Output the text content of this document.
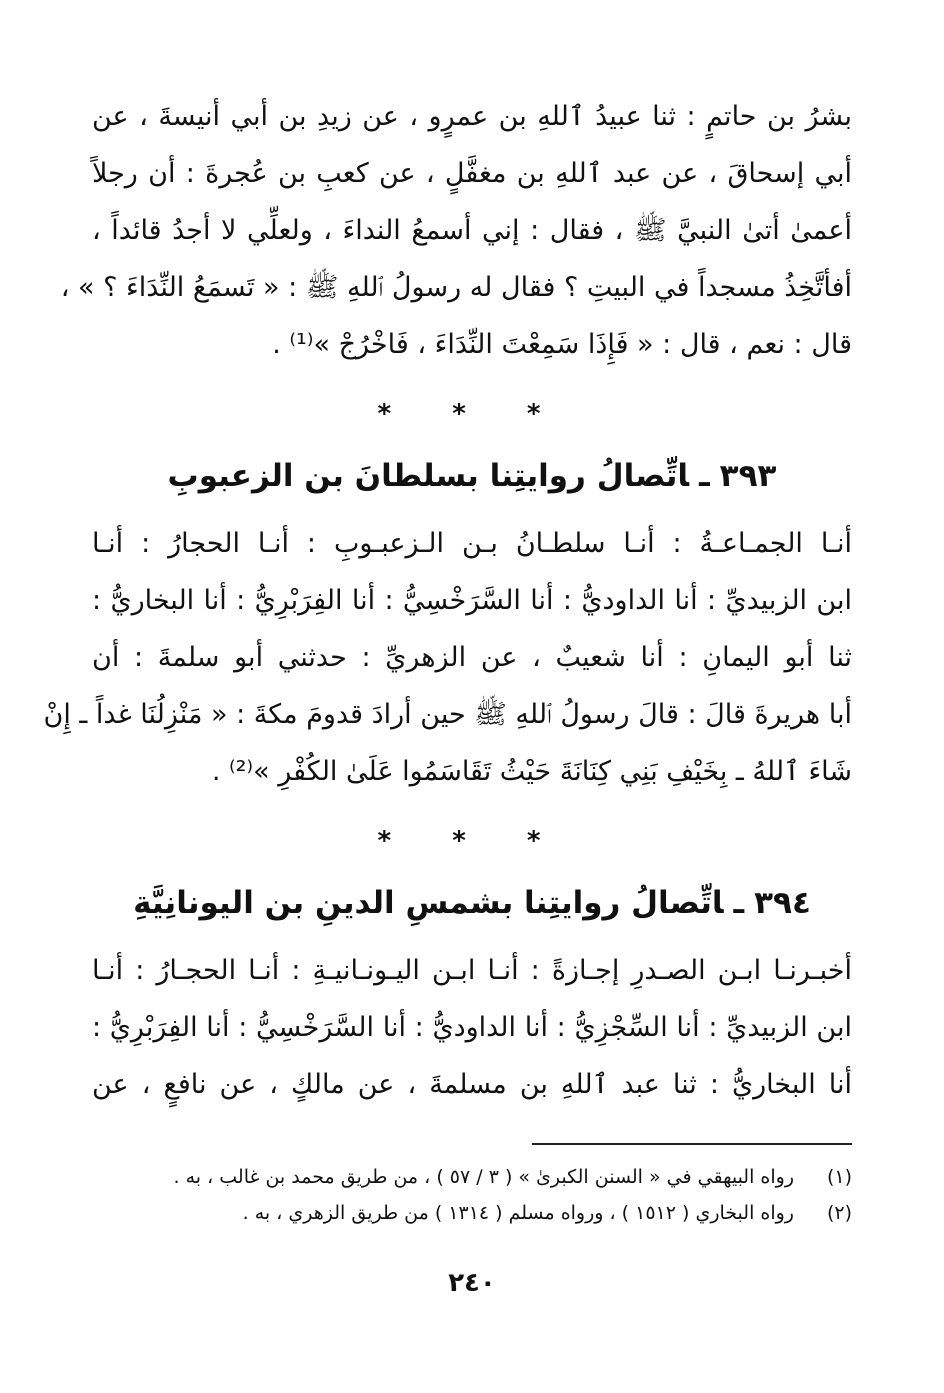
بشرُ بن حاتمٍ : ثنا عبيدُ ٱللهِ بن عمرٍو ، عن زيدِ بن أبي أنيسةَ ، عن

أبي إسحاقَ ، عن عبد ٱللهِ بن مغفَّلٍ ، عن كعبِ بن عُجرةَ : أن رجلاً

أعمىٰ أتىٰ النبيَّ ﷺ ، فقال : إني أسمعُ النداءَ ، ولعلِّي لا أجدُ قائداً ،

أفأتَّخِذُ مسجداً في البيتِ ؟ فقال له رسولُ ٱللهِ ﷺ : « تَسمَعُ النِّدَاءَ ؟ » ،

قال : نعم ، قال : « فَإِذَا سَمِعْتَ النِّدَاءَ ، فَاخْرُجْ »⁽¹⁾ .

* * *
٣٩٣ـاتِّصالُ روايتِنا بسلطانَ بن الزعبوبِ

أنـا الجمـاعـةُ : أنـا سلطـانُ بـن الـزعبـوبِ : أنـا الحجارُ : أنـا

ابن الزبيديِّ : أنا الداوديُّ : أنا السَّرَخْسِيُّ : أنا الفِرَبْرِيُّ : أنا البخاريُّ :

ثنا أبو اليمانِ : أنا شعيبٌ ، عن الزهريِّ : حدثني أبو سلمةَ : أن

أبا هريرةَ قالَ : قالَ رسولُ ٱللهِ ﷺ حين أرادَ قدومَ مكةَ : « مَنْزِلُنَا غداً ـ إِنْ

شَاءَ ٱللهُ ـ بِخَيْفِ بَنِي كِنَانَةَ حَيْثُ تَقَاسَمُوا عَلَىٰ الكُفْرِ »⁽²⁾ .

* * *
٣٩٤ـاتِّصالُ روايتِنا بشمسِ الدينِ بن اليونانِيَّةِ

أخبـرنـا ابـن الصـدرِ إجـازةً : أنـا ابـن اليـونـانيـةِ : أنـا الحجـارُ : أنـا

ابن الزبيديِّ : أنا السِّجْزِيُّ : أنا الداوديُّ : أنا السَّرَخْسِيُّ : أنا الفِرَبْرِيُّ :

أنا البخاريُّ : ثنا عبد ٱللهِ بن مسلمةَ ، عن مالكٍ ، عن نافعٍ ، عن

(١)رواه البيهقي في « السنن الكبرىٰ » ( ٣ / ٥٧ ) ، من طريق محمد بن غالب ، به .
(٢)رواه البخاري ( ١٥١٢ ) ، ورواه مسلم ( ١٣١٤ ) من طريق الزهري ، به .
٢٤٠
